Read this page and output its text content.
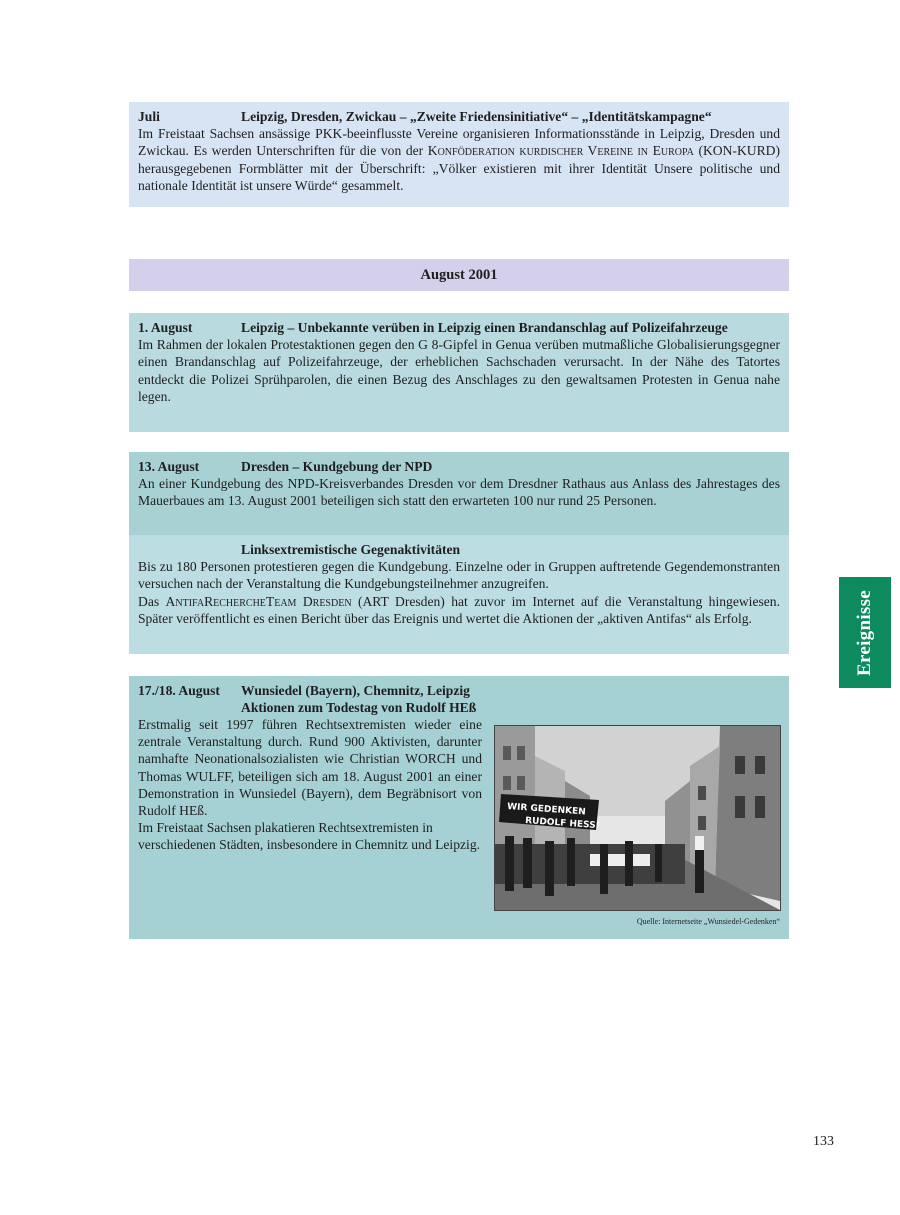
Juli	Leipzig, Dresden, Zwickau – „Zweite Friedensinitiative“ – „Identitätskampagne“
Im Freistaat Sachsen ansässige PKK-beeinflusste Vereine organisieren Informationsstände in Leipzig, Dresden und Zwickau. Es werden Unterschriften für die von der Konföderation kurdischer Vereine in Europa (KON-KURD) herausgegebenen Formblätter mit der Überschrift: „Völker existieren mit ihrer Identität Unsere politische und nationale Identität ist unsere Würde“ gesammelt.
August 2001
1. August	Leipzig – Unbekannte verüben in Leipzig einen Brandanschlag auf Polizeifahrzeuge
Im Rahmen der lokalen Protestaktionen gegen den G 8-Gipfel in Genua verüben mutmaßliche Globalisierungsgegner einen Brandanschlag auf Polizeifahrzeuge, der erheblichen Sachschaden verursacht. In der Nähe des Tatortes entdeckt die Polizei Sprühparolen, die einen Bezug des Anschlages zu den gewaltsamen Protesten in Genua nahe legen.
13. August	Dresden – Kundgebung der NPD
An einer Kundgebung des NPD-Kreisverbandes Dresden vor dem Dresdner Rathaus aus Anlass des Jahrestages des Mauerbaues am 13. August 2001 beteiligen sich statt den erwarteten 100 nur rund 25 Personen.
Linksextremistische Gegenaktivitäten
Bis zu 180 Personen protestieren gegen die Kundgebung. Einzelne oder in Gruppen auftretende Gegendemonstranten versuchen nach der Veranstaltung die Kundgebungsteilnehmer anzugreifen.
Das AntifaRechercheTeam Dresden (ART Dresden) hat zuvor im Internet auf die Veranstaltung hingewiesen. Später veröffentlicht es einen Bericht über das Ereignis und wertet die Aktionen der „aktiven Antifas“ als Erfolg.
17./18. August Wunsiedel (Bayern), Chemnitz, Leipzig
Aktionen zum Todestag von Rudolf HEß
Erstmalig seit 1997 führen Rechtsextremisten wieder eine zentrale Veranstaltung durch. Rund 900 Aktivisten, darunter namhafte Neonationalsozialisten wie Christian WORCH und Thomas WULFF, beteiligen sich am 18. August 2001 an einer Demonstration in Wunsiedel (Bayern), dem Begräbnisort von Rudolf HEß.
Im Freistaat Sachsen plakatieren Rechtsextremisten in verschiedenen Städten, insbesondere in Chemnitz und Leipzig.
WIR GEDENKEN
RUDOLF HESS!
Quelle: Internetseite „Wunsiedel-Gedenken“
Ereignisse
133
